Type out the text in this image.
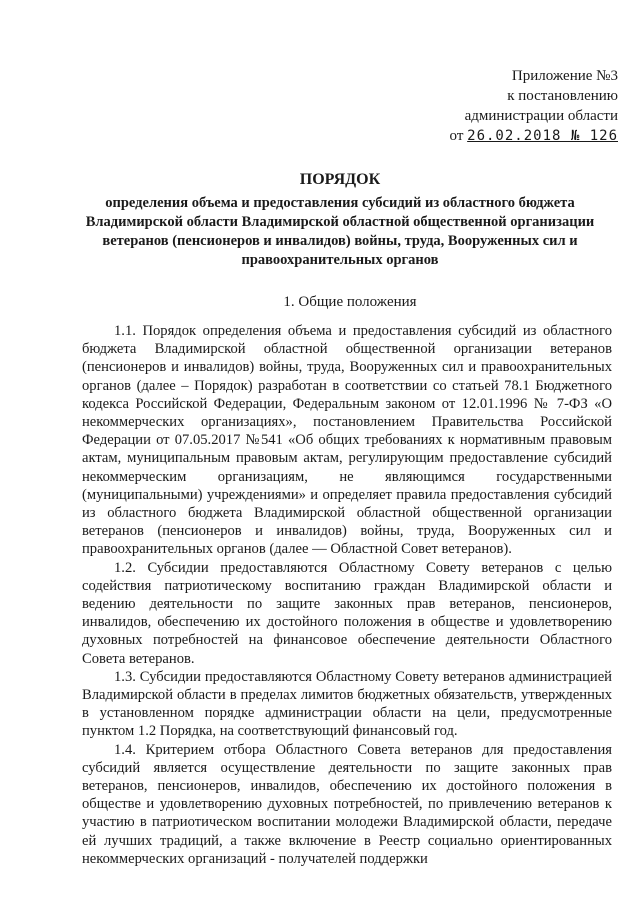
Приложение №3
к постановлению
администрации области
от 26.02.2018 № 126
ПОРЯДОК
определения объема и предоставления субсидий из областного бюджета Владимирской области Владимирской областной общественной организации ветеранов (пенсионеров и инвалидов) войны, труда, Вооруженных сил и правоохранительных органов
1. Общие положения

1.1. Порядок определения объема и предоставления субсидий из областного бюджета Владимирской областной общественной организации ветеранов (пенсионеров и инвалидов) войны, труда, Вооруженных сил и правоохранительных органов (далее – Порядок) разработан в соответствии со статьей 78.1 Бюджетного кодекса Российской Федерации, Федеральным законом от 12.01.1996 № 7-ФЗ «О некоммерческих организациях», постановлением Правительства Российской Федерации от 07.05.2017 №541 «Об общих требованиях к нормативным правовым актам, муниципальным правовым актам, регулирующим предоставление субсидий некоммерческим организациям, не являющимся государственными (муниципальными) учреждениями» и определяет правила предоставления субсидий из областного бюджета Владимирской областной общественной организации ветеранов (пенсионеров и инвалидов) войны, труда, Вооруженных сил и правоохранительных органов (далее — Областной Совет ветеранов).

1.2. Субсидии предоставляются Областному Совету ветеранов с целью содействия патриотическому воспитанию граждан Владимирской области и ведению деятельности по защите законных прав ветеранов, пенсионеров, инвалидов, обеспечению их достойного положения в обществе и удовлетворению духовных потребностей на финансовое обеспечение деятельности Областного Совета ветеранов.

1.3. Субсидии предоставляются Областному Совету ветеранов администрацией Владимирской области в пределах лимитов бюджетных обязательств, утвержденных в установленном порядке администрации области на цели, предусмотренные пунктом 1.2 Порядка, на соответствующий финансовый год.

1.4. Критерием отбора Областного Совета ветеранов для предоставления субсидий является осуществление деятельности по защите законных прав ветеранов, пенсионеров, инвалидов, обеспечению их достойного положения в обществе и удовлетворению духовных потребностей, по привлечению ветеранов к участию в патриотическом воспитании молодежи Владимирской области, передаче ей лучших традиций, а также включение в Реестр социально ориентированных некоммерческих организаций - получателей поддержки
